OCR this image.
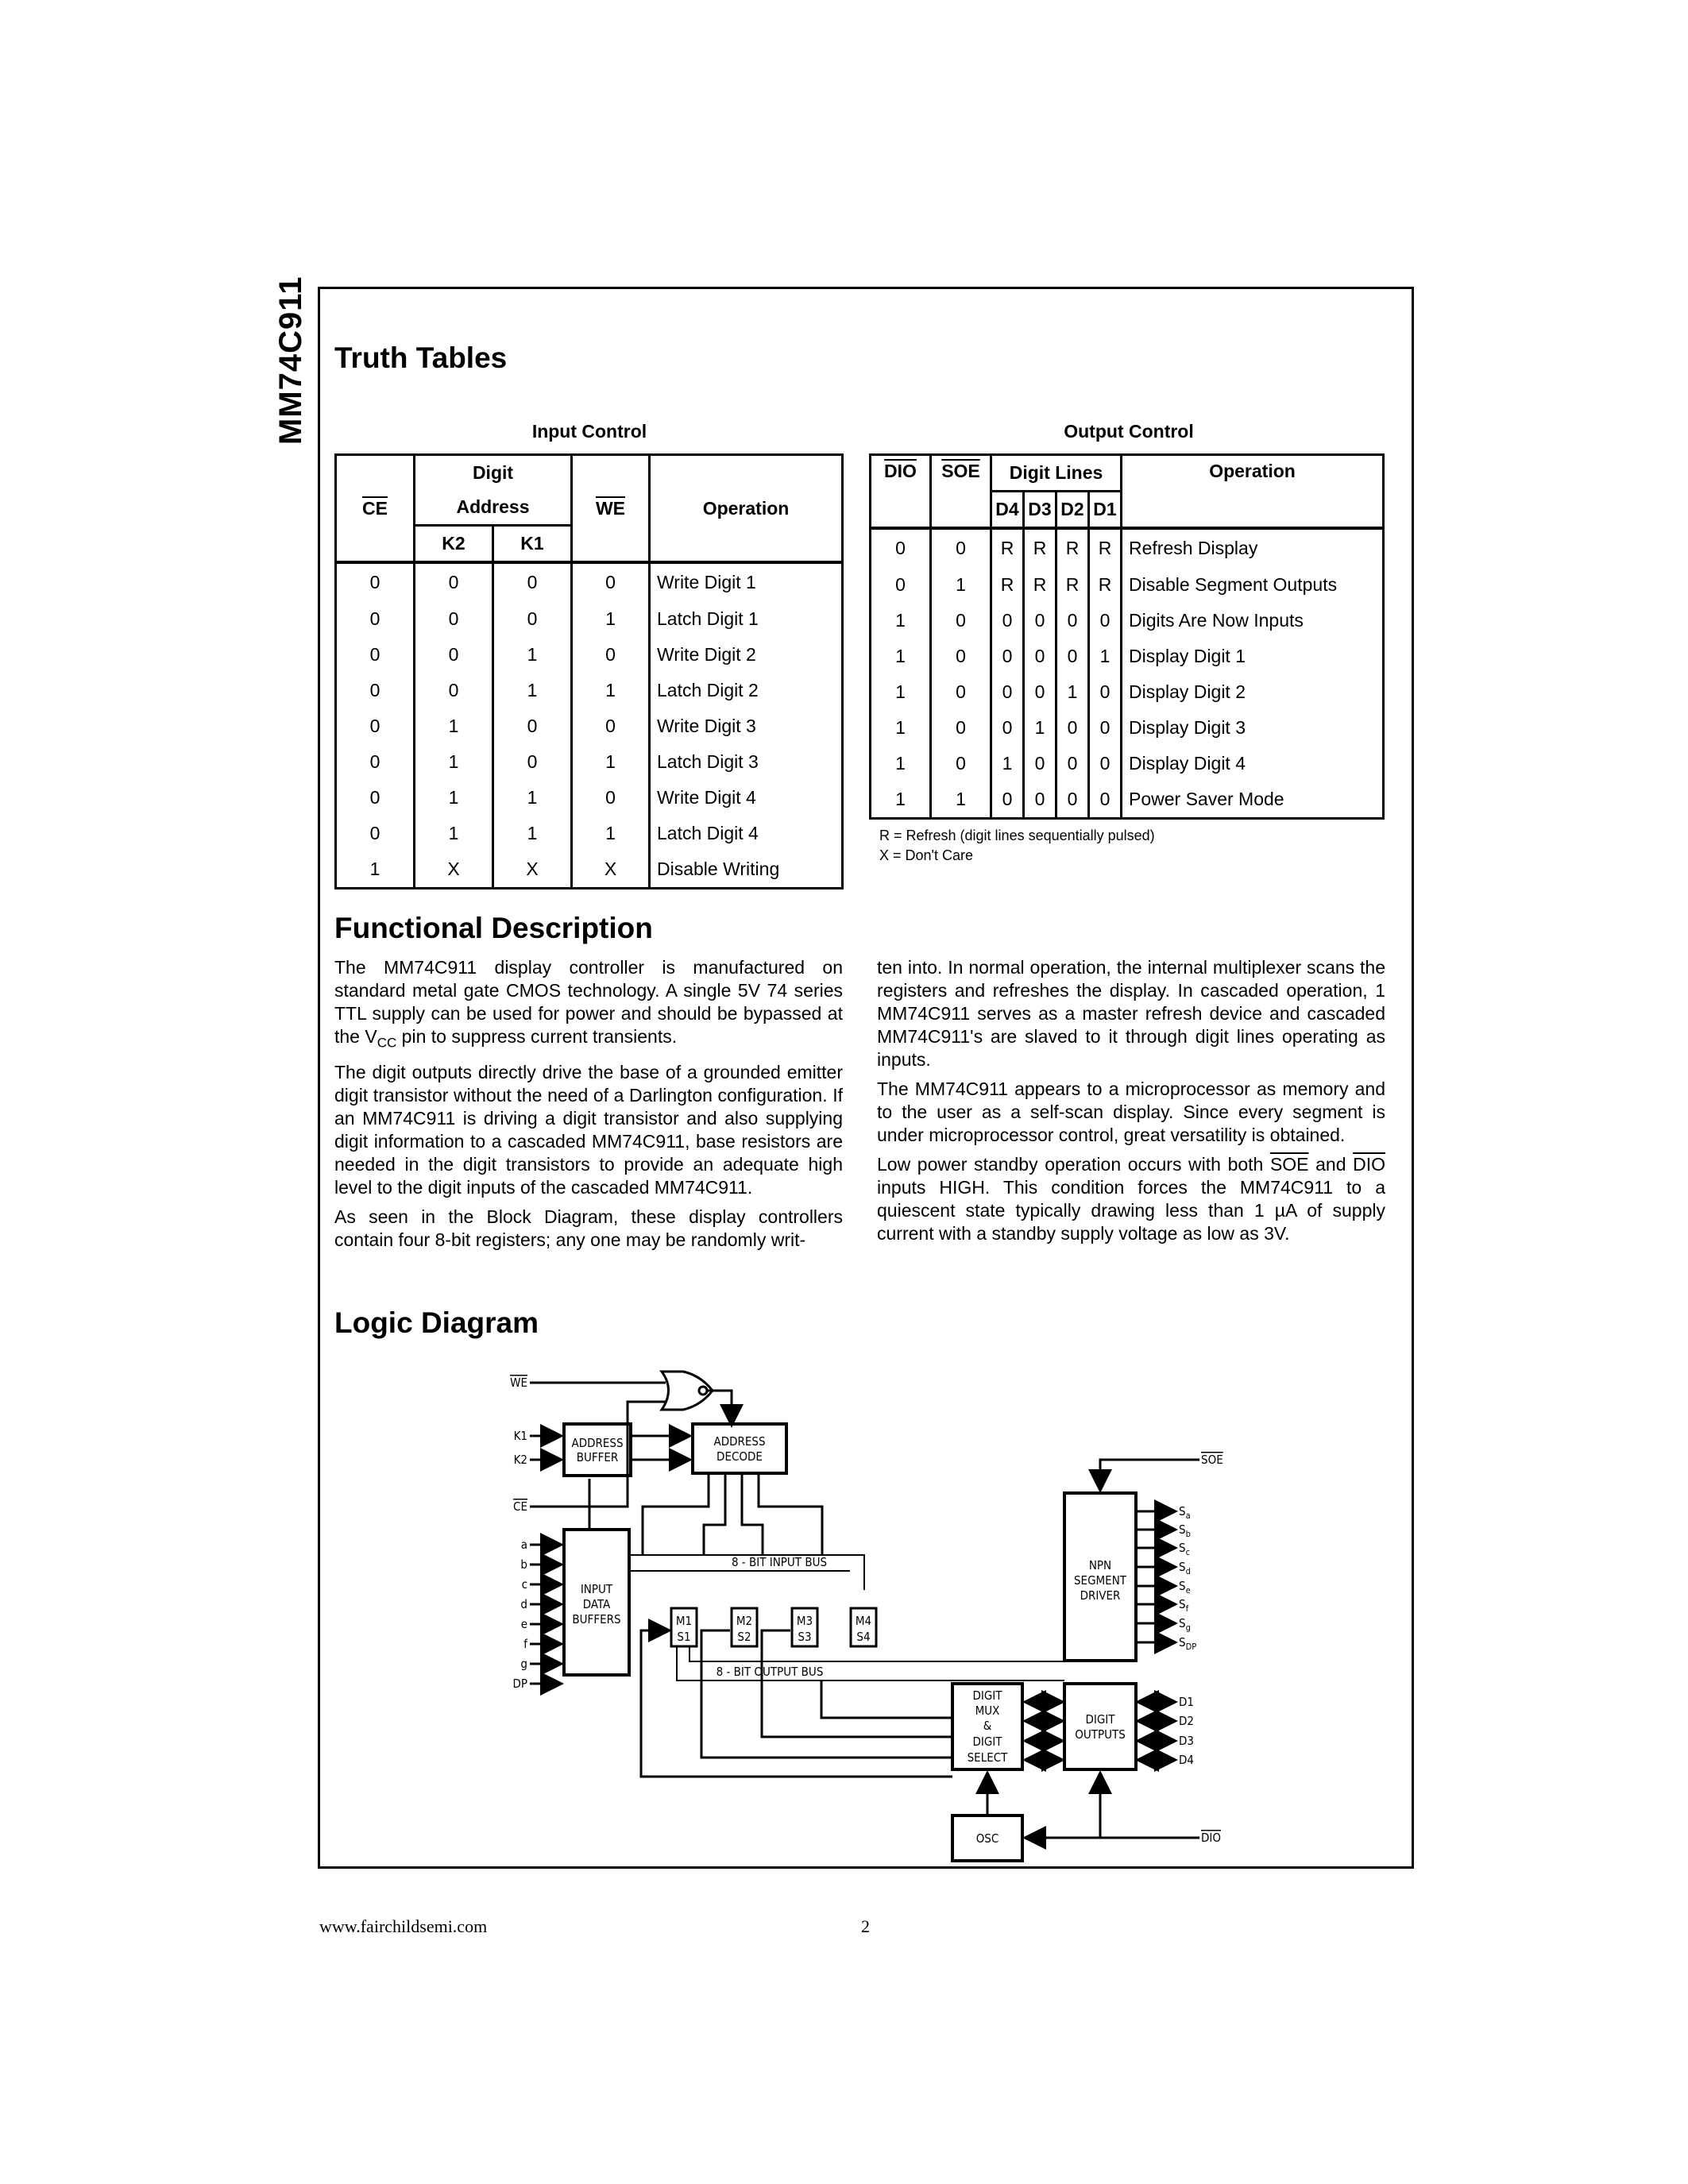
MM74C911 Truth Tables
Input Control
$\overline{CE}$	Digit		$\overline{WE}$	Operation
	Address			
	K2	K1		
0	0	0	0	Write Digit 1
0	0	0	1	Latch Digit 1
0	0	1	0	Write Digit 2
0	0	1	1	Latch Digit 2
0	1	0	0	Write Digit 3
0	1	0	1	Latch Digit 3
0	1	1	0	Write Digit 4
0	1	1	1	Latch Digit 4
1	X	X	X	Disable Writing
Output Control
$\overline{DIO}$	$\overline{SOE}$	Digit Lines				Operation
		D4	D3	D2	D1	
0	0	R	R	R	R	Refresh Display
0	1	R	R	R	R	Disable Segment Outputs
1	0	0	0	0	0	Digits Are Now Inputs
1	0	0	0	0	1	Display Digit 1
1	0	0	0	1	0	Display Digit 2
1	0	0	1	0	0	Display Digit 3
1	0	1	0	0	0	Display Digit 4
1	1	0	0	0	0	Power Saver Mode
R = Refresh (digit lines sequentially pulsed)
X = Don't Care
Functional Description

The MM74C911 display controller is manufactured on standard metal gate CMOS technology. A single 5V 74 series TTL supply can be used for power and should be bypassed at the $V_{CC}$ pin to suppress current transients.

The digit outputs directly drive the base of a grounded emitter digit transistor without the need of a Darlington configuration. If an MM74C911 is driving a digit transistor and also supplying digit information to a cascaded MM74C911, base resistors are needed in the digit transistors to provide an adequate high level to the digit inputs of the cascaded MM74C911.

As seen in the Block Diagram, these display controllers contain four 8-bit registers; any one may be randomly writ-

ten into. In normal operation, the internal multiplexer scans the registers and refreshes the display. In cascaded operation, 1 MM74C911 serves as a master refresh device and cascaded MM74C911's are slaved to it through digit lines operating as inputs.

The MM74C911 appears to a microprocessor as memory and to the user as a self-scan display. Since every segment is under microprocessor control, great versatility is obtained.

Low power standby operation occurs with both $\overline{SOE}$ and $\overline{DIO}$ inputs HIGH. This condition forces the MM74C911 to a quiescent state typically drawing less than 1 µA of supply current with a standby supply voltage as low as 3V.

Logic Diagram
ADDRESS
BUFFER
ADDRESS
DECODE
INPUT
DATA
BUFFERS	M1
S1
M2
S2
M3
S3
M4
S4
NPN
SEGMENT
DRIVER
DIGIT
MUX
&
DIGIT
SELECT
DIGIT
OUTPUTS
OSC
8 - BIT INPUT BUS
8 - BIT OUTPUT BUS
WE
K1
K2
CE
a
b
c
d
e
f
g
DP
SOE
DIO
$S_a$
$S_b$
$S_c$
$S_d$
$S_e$
$S_f$
$S_g$
$S_{DP}$
D1
D2
D3
D4
www.fairchildsemi.com	2
